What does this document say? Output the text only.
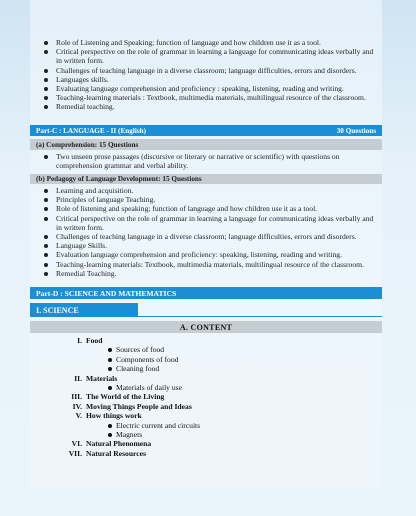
Role of Listening and Speaking; function of language and how children use it as a tool.
Critical perspective on the role of grammar in learning a language for communicating ideas verbally and in written form.
Challenges of teaching language in a diverse classroom; language difficulties, errors and disorders.
Languages skills.
Evaluating language comprehension and proficiency : speaking, listening, reading and writing.
Teaching-learning materials : Textbook, multimedia materials, multilingual resource of the classroom.
Remedial teaching.
Part-C : LANGUAGE - II (English)	30 Questions
(a) Comprehension: 15 Questions
Two unseen prose passages (discursive or literary or narrative or scientific) with questions on comprehension grammar and verbal ability.
(b) Pedagogy of Language Development: 15 Questions
Learning and acquisition.
Principles of language Teaching.
Role of listening and speaking; function of language and how children use it as a tool.
Critical perspective on the role of grammar in learning a language for communicating ideas verbally and in written form.
Challenges of teaching language in a diverse classroom; language difficulties, errors and disorders.
Language Skills.
Evaluation language comprehension and proficiency: speaking, listening, reading and writing.
Teaching-learning materials: Textbook, multimedia materials, multilingual resource of the classroom.
Remedial Teaching.
Part-D : SCIENCE AND MATHEMATICS
I. SCIENCE
A. CONTENT
I. Food
Sources of food
Components of food
Cleaning food
II. Materials
Materials of daily use
III. The World of the Living
IV. Moving Things People and Ideas
V. How things work
Electric current and circuits
Magnets
VI. Natural Phenomena
VII. Natural Resources
